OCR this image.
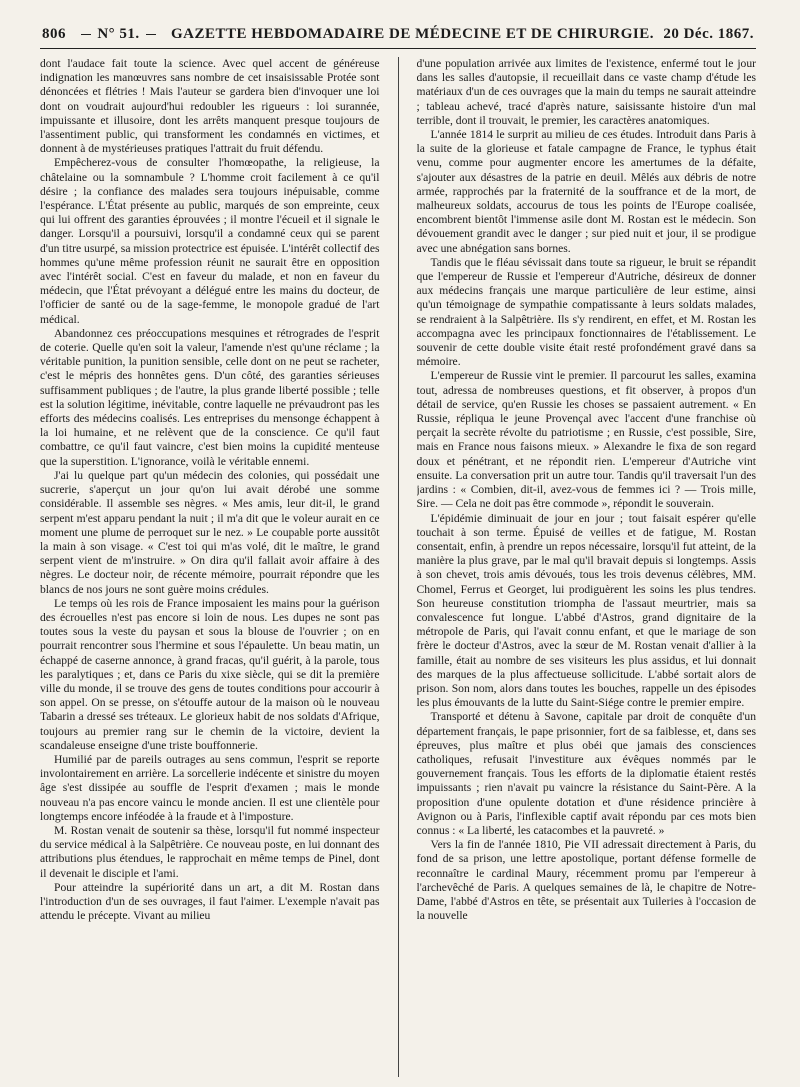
806	N° 51.	GAZETTE HEBDOMADAIRE DE MÉDECINE ET DE CHIRURGIE. 20 Déc. 1867.

dont l'audace fait toute la science. Avec quel accent de généreuse indignation les manœuvres sans nombre de cet insaisissable Protée sont dénoncées et flétries ! Mais l'auteur se gardera bien d'invoquer une loi dont on voudrait aujourd'hui redoubler les rigueurs : loi surannée, impuissante et illusoire, dont les arrêts manquent presque toujours de l'assentiment public, qui transforment les condamnés en victimes, et donnent à de mystérieuses pratiques l'attrait du fruit défendu.

Empêcherez-vous de consulter l'homœopathe, la religieuse, la châtelaine ou la somnambule ? L'homme croit facilement à ce qu'il désire ; la confiance des malades sera toujours inépuisable, comme l'espérance. L'État présente au public, marqués de son empreinte, ceux qui lui offrent des garanties éprouvées ; il montre l'écueil et il signale le danger. Lorsqu'il a poursuivi, lorsqu'il a condamné ceux qui se parent d'un titre usurpé, sa mission protectrice est épuisée. L'intérêt collectif des hommes qu'une même profession réunit ne saurait être en opposition avec l'intérêt social. C'est en faveur du malade, et non en faveur du médecin, que l'État prévoyant a délégué entre les mains du docteur, de l'officier de santé ou de la sage-femme, le monopole gradué de l'art médical.

Abandonnez ces préoccupations mesquines et rétrogrades de l'esprit de coterie. Quelle qu'en soit la valeur, l'amende n'est qu'une réclame ; la véritable punition, la punition sensible, celle dont on ne peut se racheter, c'est le mépris des honnêtes gens. D'un côté, des garanties sérieuses suffisamment publiques ; de l'autre, la plus grande liberté possible ; telle est la solution légitime, inévitable, contre laquelle ne prévaudront pas les efforts des médecins coalisés. Les entreprises du mensonge échappent à la loi humaine, et ne relèvent que de la conscience. Ce qu'il faut combattre, ce qu'il faut vaincre, c'est bien moins la cupidité menteuse que la superstition. L'ignorance, voilà le véritable ennemi.

J'ai lu quelque part qu'un médecin des colonies, qui possédait une sucrerie, s'aperçut un jour qu'on lui avait dérobé une somme considérable. Il assemble ses nègres. « Mes amis, leur dit-il, le grand serpent m'est apparu pendant la nuit ; il m'a dit que le voleur aurait en ce moment une plume de perroquet sur le nez. » Le coupable porte aussitôt la main à son visage. « C'est toi qui m'as volé, dit le maître, le grand serpent vient de m'instruire. » On dira qu'il fallait avoir affaire à des nègres. Le docteur noir, de récente mémoire, pourrait répondre que les blancs de nos jours ne sont guère moins crédules.

Le temps où les rois de France imposaient les mains pour la guérison des écrouelles n'est pas encore si loin de nous. Les dupes ne sont pas toutes sous la veste du paysan et sous la blouse de l'ouvrier ; on en pourrait rencontrer sous l'hermine et sous l'épaulette. Un beau matin, un échappé de caserne annonce, à grand fracas, qu'il guérit, à la parole, tous les paralytiques ; et, dans ce Paris du xixe siècle, qui se dit la première ville du monde, il se trouve des gens de toutes conditions pour accourir à son appel. On se presse, on s'étouffe autour de la maison où le nouveau Tabarin a dressé ses tréteaux. Le glorieux habit de nos soldats d'Afrique, toujours au premier rang sur le chemin de la victoire, devient la scandaleuse enseigne d'une triste bouffonnerie.

Humilié par de pareils outrages au sens commun, l'esprit se reporte involontairement en arrière. La sorcellerie indécente et sinistre du moyen âge s'est dissipée au souffle de l'esprit d'examen ; mais le monde nouveau n'a pas encore vaincu le monde ancien. Il est une clientèle pour longtemps encore inféodée à la fraude et à l'imposture.

M. Rostan venait de soutenir sa thèse, lorsqu'il fut nommé inspecteur du service médical à la Salpêtrière. Ce nouveau poste, en lui donnant des attributions plus étendues, le rapprochait en même temps de Pinel, dont il devenait le disciple et l'ami.

Pour atteindre la supériorité dans un art, a dit M. Rostan dans l'introduction d'un de ses ouvrages, il faut l'aimer. L'exemple n'avait pas attendu le précepte. Vivant au milieu

d'une population arrivée aux limites de l'existence, enfermé tout le jour dans les salles d'autopsie, il recueillait dans ce vaste champ d'étude les matériaux d'un de ces ouvrages que la main du temps ne saurait atteindre ; tableau achevé, tracé d'après nature, saisissante histoire d'un mal terrible, dont il trouvait, le premier, les caractères anatomiques.

L'année 1814 le surprit au milieu de ces études. Introduit dans Paris à la suite de la glorieuse et fatale campagne de France, le typhus était venu, comme pour augmenter encore les amertumes de la défaite, s'ajouter aux désastres de la patrie en deuil. Mêlés aux débris de notre armée, rapprochés par la fraternité de la souffrance et de la mort, de malheureux soldats, accourus de tous les points de l'Europe coalisée, encombrent bientôt l'immense asile dont M. Rostan est le médecin. Son dévouement grandit avec le danger ; sur pied nuit et jour, il se prodigue avec une abnégation sans bornes.

Tandis que le fléau sévissait dans toute sa rigueur, le bruit se répandit que l'empereur de Russie et l'empereur d'Autriche, désireux de donner aux médecins français une marque particulière de leur estime, ainsi qu'un témoignage de sympathie compatissante à leurs soldats malades, se rendraient à la Salpêtrière. Ils s'y rendirent, en effet, et M. Rostan les accompagna avec les principaux fonctionnaires de l'établissement. Le souvenir de cette double visite était resté profondément gravé dans sa mémoire.

L'empereur de Russie vint le premier. Il parcourut les salles, examina tout, adressa de nombreuses questions, et fit observer, à propos d'un détail de service, qu'en Russie les choses se passaient autrement. « En Russie, répliqua le jeune Provençal avec l'accent d'une franchise où perçait la secrète révolte du patriotisme ; en Russie, c'est possible, Sire, mais en France nous faisons mieux. » Alexandre le fixa de son regard doux et pénétrant, et ne répondit rien. L'empereur d'Autriche vint ensuite. La conversation prit un autre tour. Tandis qu'il traversait l'un des jardins : « Combien, dit-il, avez-vous de femmes ici ? — Trois mille, Sire. — Cela ne doit pas être commode », répondit le souverain.

L'épidémie diminuait de jour en jour ; tout faisait espérer qu'elle touchait à son terme. Épuisé de veilles et de fatigue, M. Rostan consentait, enfin, à prendre un repos nécessaire, lorsqu'il fut atteint, de la manière la plus grave, par le mal qu'il bravait depuis si longtemps. Assis à son chevet, trois amis dévoués, tous les trois devenus célèbres, MM. Chomel, Ferrus et Georget, lui prodiguèrent les soins les plus tendres. Son heureuse constitution triompha de l'assaut meurtrier, mais sa convalescence fut longue. L'abbé d'Astros, grand dignitaire de la métropole de Paris, qui l'avait connu enfant, et que le mariage de son frère le docteur d'Astros, avec la sœur de M. Rostan venait d'allier à la famille, était au nombre de ses visiteurs les plus assidus, et lui donnait des marques de la plus affectueuse sollicitude. L'abbé sortait alors de prison. Son nom, alors dans toutes les bouches, rappelle un des épisodes les plus émouvants de la lutte du Saint-Siége contre le premier empire.

Transporté et détenu à Savone, capitale par droit de conquête d'un département français, le pape prisonnier, fort de sa faiblesse, et, dans ses épreuves, plus maître et plus obéi que jamais des consciences catholiques, refusait l'investiture aux évêques nommés par le gouvernement français. Tous les efforts de la diplomatie étaient restés impuissants ; rien n'avait pu vaincre la résistance du Saint-Père. A la proposition d'une opulente dotation et d'une résidence princière à Avignon ou à Paris, l'inflexible captif avait répondu par ces mots bien connus : « La liberté, les catacombes et la pauvreté. »

Vers la fin de l'année 1810, Pie VII adressait directement à Paris, du fond de sa prison, une lettre apostolique, portant défense formelle de reconnaître le cardinal Maury, récemment promu par l'empereur à l'archevêché de Paris. A quelques semaines de là, le chapitre de Notre-Dame, l'abbé d'Astros en tête, se présentait aux Tuileries à l'occasion de la nouvelle
